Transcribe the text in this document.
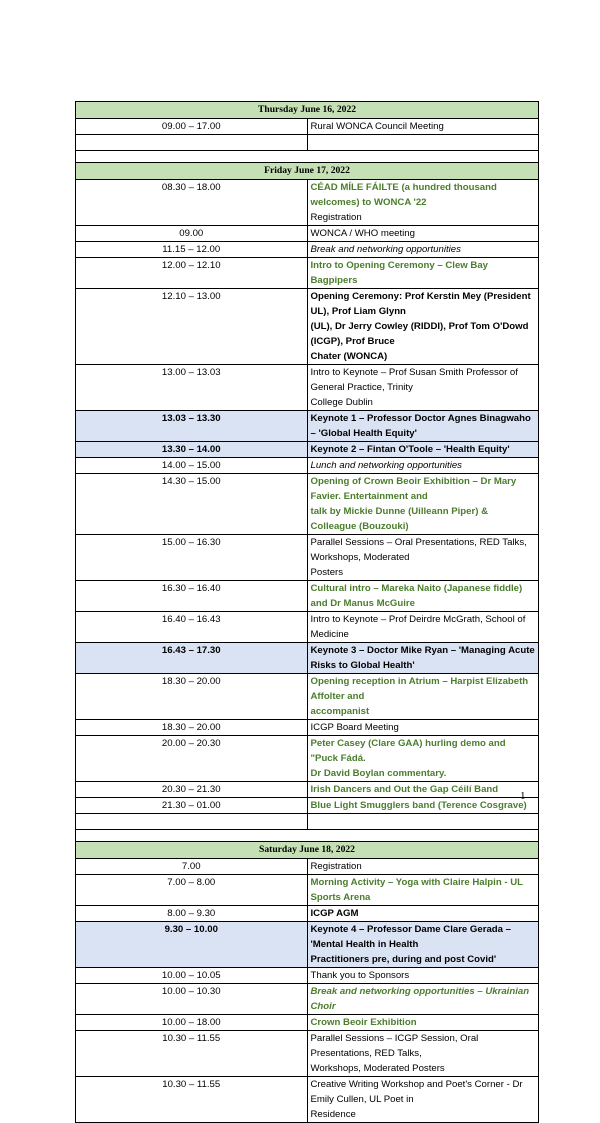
Thursday June 16, 2022	
09.00 – 17.00	Rural WONCA Council Meeting

Friday June 17, 2022	
08.30 – 18.00	CÉAD MÍLE FÁILTE (a hundred thousand welcomes) to WONCA '22
Registration

09.00	WONCA / WHO meeting

11.15 – 12.00	Break and networking opportunities

12.00 – 12.10	Intro to Opening Ceremony – Clew Bay Bagpipers

12.10 – 13.00	Opening Ceremony: Prof Kerstin Mey (President UL), Prof Liam Glynn
(UL), Dr Jerry Cowley (RIDDI), Prof Tom O'Dowd (ICGP), Prof Bruce
Chater (WONCA)

13.00 – 13.03	Intro to Keynote – Prof Susan Smith Professor of General Practice, Trinity
College Dublin

13.03 – 13.30	Keynote 1 – Professor Doctor Agnes Binagwaho – 'Global Health Equity'

13.30 – 14.00	Keynote 2 – Fintan O'Toole – 'Health Equity'

14.00 – 15.00	Lunch and networking opportunities

14.30 – 15.00	Opening of Crown Beoir Exhibition – Dr Mary Favier. Entertainment and
talk by Mickie Dunne (Uilleann Piper) & Colleague (Bouzouki)

15.00 – 16.30	Parallel Sessions – Oral Presentations, RED Talks, Workshops, Moderated
Posters

16.30 – 16.40	Cultural intro – Mareka Naito (Japanese fiddle) and Dr Manus McGuire

16.40 – 16.43	Intro to Keynote – Prof Deirdre McGrath, School of Medicine

16.43 – 17.30	Keynote 3 – Doctor Mike Ryan – 'Managing Acute Risks to Global Health'

18.30 – 20.00	Opening reception in Atrium – Harpist Elizabeth Affolter and
accompanist

18.30 – 20.00	ICGP Board Meeting

20.00 – 20.30	Peter Casey (Clare GAA) hurling demo and "Puck Fádá.
Dr David Boylan commentary.

20.30 – 21.30	Irish Dancers and Out the Gap Céilí Band

21.30 – 01.00	Blue Light Smugglers band (Terence Cosgrave)

Saturday June 18, 2022	
7.00	Registration

7.00 – 8.00	Morning Activity – Yoga with Claire Halpin - UL Sports Arena

8.00 – 9.30	ICGP AGM

9.30 – 10.00	Keynote 4 – Professor Dame Clare Gerada – 'Mental Health in Health
Practitioners pre, during and post Covid'

10.00 – 10.05	Thank you to Sponsors

10.00 – 10.30	Break and networking opportunities – Ukrainian Choir

10.00 – 18.00	Crown Beoir Exhibition

10.30 – 11.55	Parallel Sessions – ICGP Session, Oral Presentations, RED Talks,
Workshops, Moderated Posters

10.30 – 11.55	Creative Writing Workshop and Poet's Corner - Dr Emily Cullen, UL Poet in
Residence
1
